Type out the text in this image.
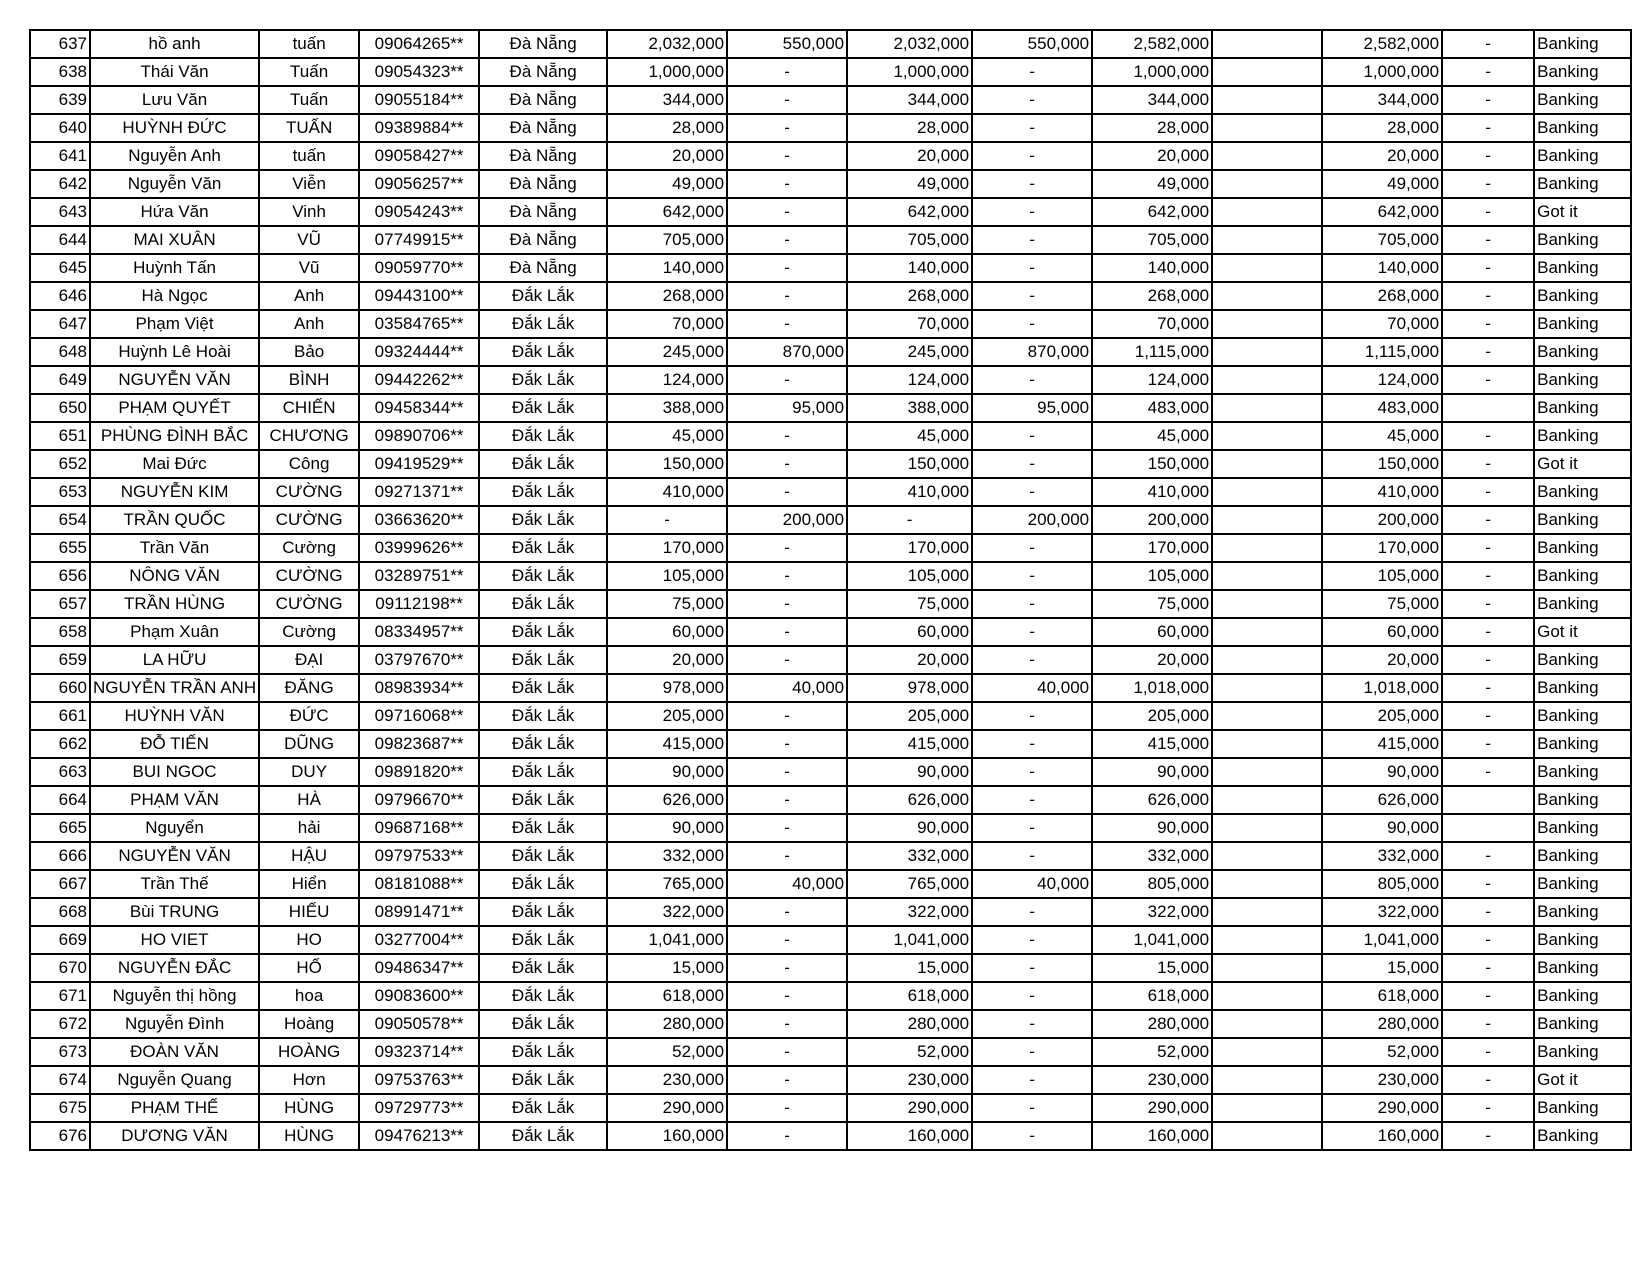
637	hồ anh	tuấn	09064265**	Đà Nẵng	2,032,000	550,000	2,032,000	550,000	2,582,000		2,582,000	-	Banking
638	Thái Văn	Tuấn	09054323**	Đà Nẵng	1,000,000	-	1,000,000	-	1,000,000		1,000,000	-	Banking
639	Lưu Văn	Tuấn	09055184**	Đà Nẵng	344,000	-	344,000	-	344,000		344,000	-	Banking
640	HUỲNH ĐỨC	TUẤN	09389884**	Đà Nẵng	28,000	-	28,000	-	28,000		28,000	-	Banking
641	Nguyễn Anh	tuấn	09058427**	Đà Nẵng	20,000	-	20,000	-	20,000		20,000	-	Banking
642	Nguyễn Văn	Viễn	09056257**	Đà Nẵng	49,000	-	49,000	-	49,000		49,000	-	Banking
643	Hứa Văn	Vinh	09054243**	Đà Nẵng	642,000	-	642,000	-	642,000		642,000	-	Got it
644	MAI XUÂN	VŨ	07749915**	Đà Nẵng	705,000	-	705,000	-	705,000		705,000	-	Banking
645	Huỳnh Tấn	Vũ	09059770**	Đà Nẵng	140,000	-	140,000	-	140,000		140,000	-	Banking
646	Hà Ngọc	Anh	09443100**	Đắk Lắk	268,000	-	268,000	-	268,000		268,000	-	Banking
647	Phạm Việt	Anh	03584765**	Đắk Lắk	70,000	-	70,000	-	70,000		70,000	-	Banking
648	Huỳnh Lê Hoài	Bảo	09324444**	Đắk Lắk	245,000	870,000	245,000	870,000	1,115,000		1,115,000	-	Banking
649	NGUYỄN VĂN	BÌNH	09442262**	Đắk Lắk	124,000	-	124,000	-	124,000		124,000	-	Banking
650	PHẠM QUYẾT	CHIẾN	09458344**	Đắk Lắk	388,000	95,000	388,000	95,000	483,000		483,000		Banking
651	PHÙNG ĐÌNH BẮC	CHƯƠNG	09890706**	Đắk Lắk	45,000	-	45,000	-	45,000		45,000	-	Banking
652	Mai Đức	Công	09419529**	Đắk Lắk	150,000	-	150,000	-	150,000		150,000	-	Got it
653	NGUYỄN KIM	CƯỜNG	09271371**	Đắk Lắk	410,000	-	410,000	-	410,000		410,000	-	Banking
654	TRẦN QUỐC	CƯỜNG	03663620**	Đắk Lắk	-	200,000	-	200,000	200,000		200,000	-	Banking
655	Trần Văn	Cường	03999626**	Đắk Lắk	170,000	-	170,000	-	170,000		170,000	-	Banking
656	NÔNG VĂN	CƯỜNG	03289751**	Đắk Lắk	105,000	-	105,000	-	105,000		105,000	-	Banking
657	TRẦN HÙNG	CƯỜNG	09112198**	Đắk Lắk	75,000	-	75,000	-	75,000		75,000	-	Banking
658	Phạm Xuân	Cường	08334957**	Đắk Lắk	60,000	-	60,000	-	60,000		60,000	-	Got it
659	LA HỮU	ĐẠI	03797670**	Đắk Lắk	20,000	-	20,000	-	20,000		20,000	-	Banking
660	NGUYỄN TRẦN ANH	ĐĂNG	08983934**	Đắk Lắk	978,000	40,000	978,000	40,000	1,018,000		1,018,000	-	Banking
661	HUỲNH VĂN	ĐỨC	09716068**	Đắk Lắk	205,000	-	205,000	-	205,000		205,000	-	Banking
662	ĐỖ TIẾN	DŨNG	09823687**	Đắk Lắk	415,000	-	415,000	-	415,000		415,000	-	Banking
663	BUI NGOC	DUY	09891820**	Đắk Lắk	90,000	-	90,000	-	90,000		90,000	-	Banking
664	PHẠM VĂN	HÀ	09796670**	Đắk Lắk	626,000	-	626,000	-	626,000		626,000		Banking
665	Nguyển	hải	09687168**	Đắk Lắk	90,000	-	90,000	-	90,000		90,000		Banking
666	NGUYỄN VĂN	HẬU	09797533**	Đắk Lắk	332,000	-	332,000	-	332,000		332,000	-	Banking
667	Trần Thế	Hiển	08181088**	Đắk Lắk	765,000	40,000	765,000	40,000	805,000		805,000	-	Banking
668	Bùi TRUNG	HIẾU	08991471**	Đắk Lắk	322,000	-	322,000	-	322,000		322,000	-	Banking
669	HO VIET	HO	03277004**	Đắk Lắk	1,041,000	-	1,041,000	-	1,041,000		1,041,000	-	Banking
670	NGUYỄN ĐẮC	HỐ	09486347**	Đắk Lắk	15,000	-	15,000	-	15,000		15,000	-	Banking
671	Nguyễn thị hồng	hoa	09083600**	Đắk Lắk	618,000	-	618,000	-	618,000		618,000	-	Banking
672	Nguyễn Đình	Hoàng	09050578**	Đắk Lắk	280,000	-	280,000	-	280,000		280,000	-	Banking
673	ĐOÀN VĂN	HOÀNG	09323714**	Đắk Lắk	52,000	-	52,000	-	52,000		52,000	-	Banking
674	Nguyễn Quang	Hơn	09753763**	Đắk Lắk	230,000	-	230,000	-	230,000		230,000	-	Got it
675	PHẠM THẾ	HÙNG	09729773**	Đắk Lắk	290,000	-	290,000	-	290,000		290,000	-	Banking
676	DƯƠNG VĂN	HÙNG	09476213**	Đắk Lắk	160,000	-	160,000	-	160,000		160,000	-	Banking
